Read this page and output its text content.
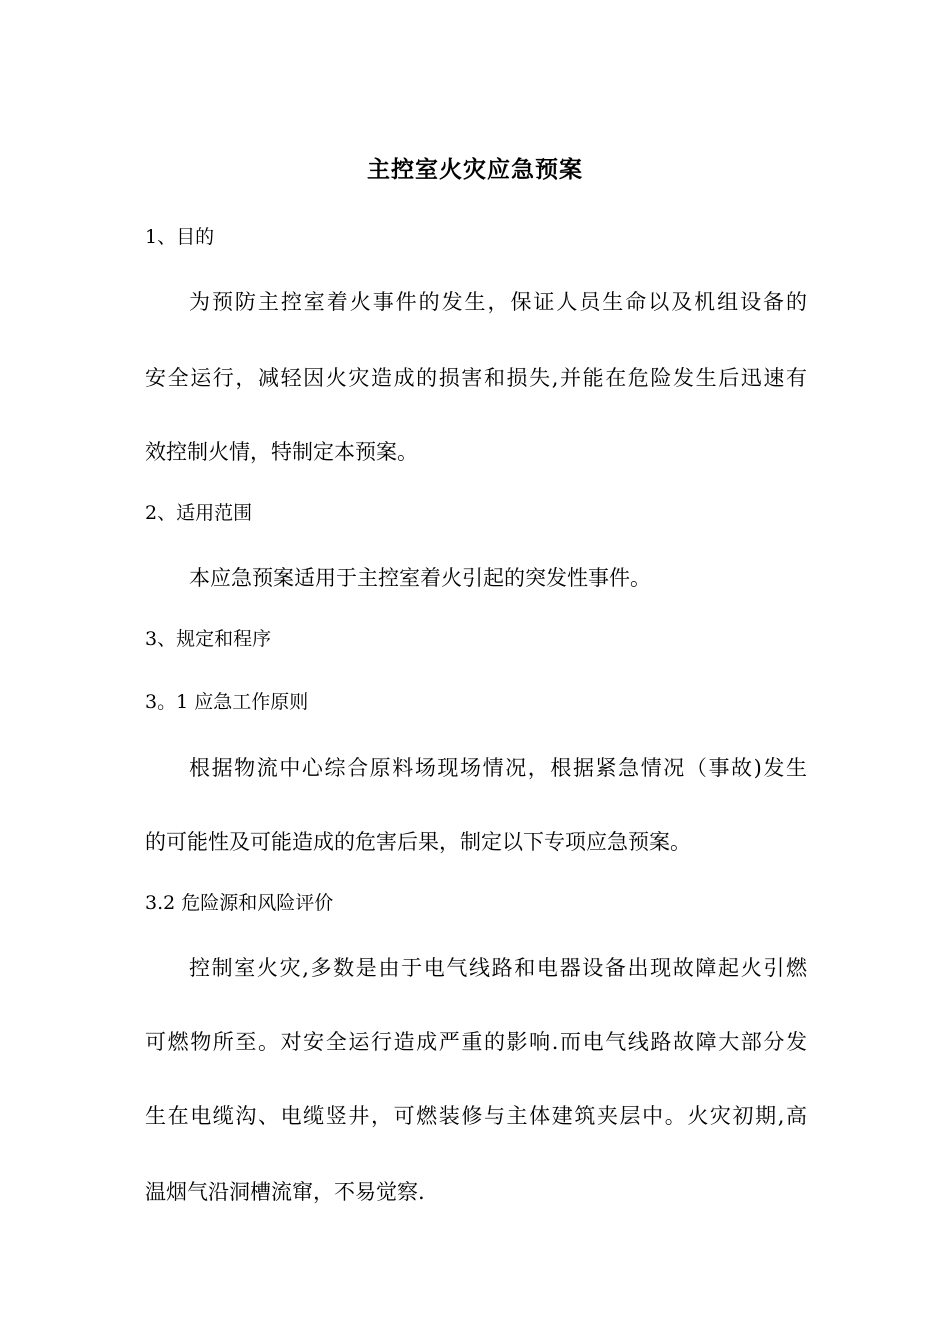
主控室火灾应急预案
1、目的
为预防主控室着火事件的发生，保证人员生命以及机组设备的
安全运行，减轻因火灾造成的损害和损失,并能在危险发生后迅速有
效控制火情，特制定本预案。
2、适用范围
本应急预案适用于主控室着火引起的突发性事件。
3、规定和程序
3。1 应急工作原则
根据物流中心综合原料场现场情况，根据紧急情况（事故)发生
的可能性及可能造成的危害后果，制定以下专项应急预案。
3.2 危险源和风险评价
控制室火灾,多数是由于电气线路和电器设备出现故障起火引燃
可燃物所至。对安全运行造成严重的影响.而电气线路故障大部分发
生在电缆沟、电缆竖井，可燃装修与主体建筑夹层中。火灾初期,高
温烟气沿洞槽流窜，不易觉察.
